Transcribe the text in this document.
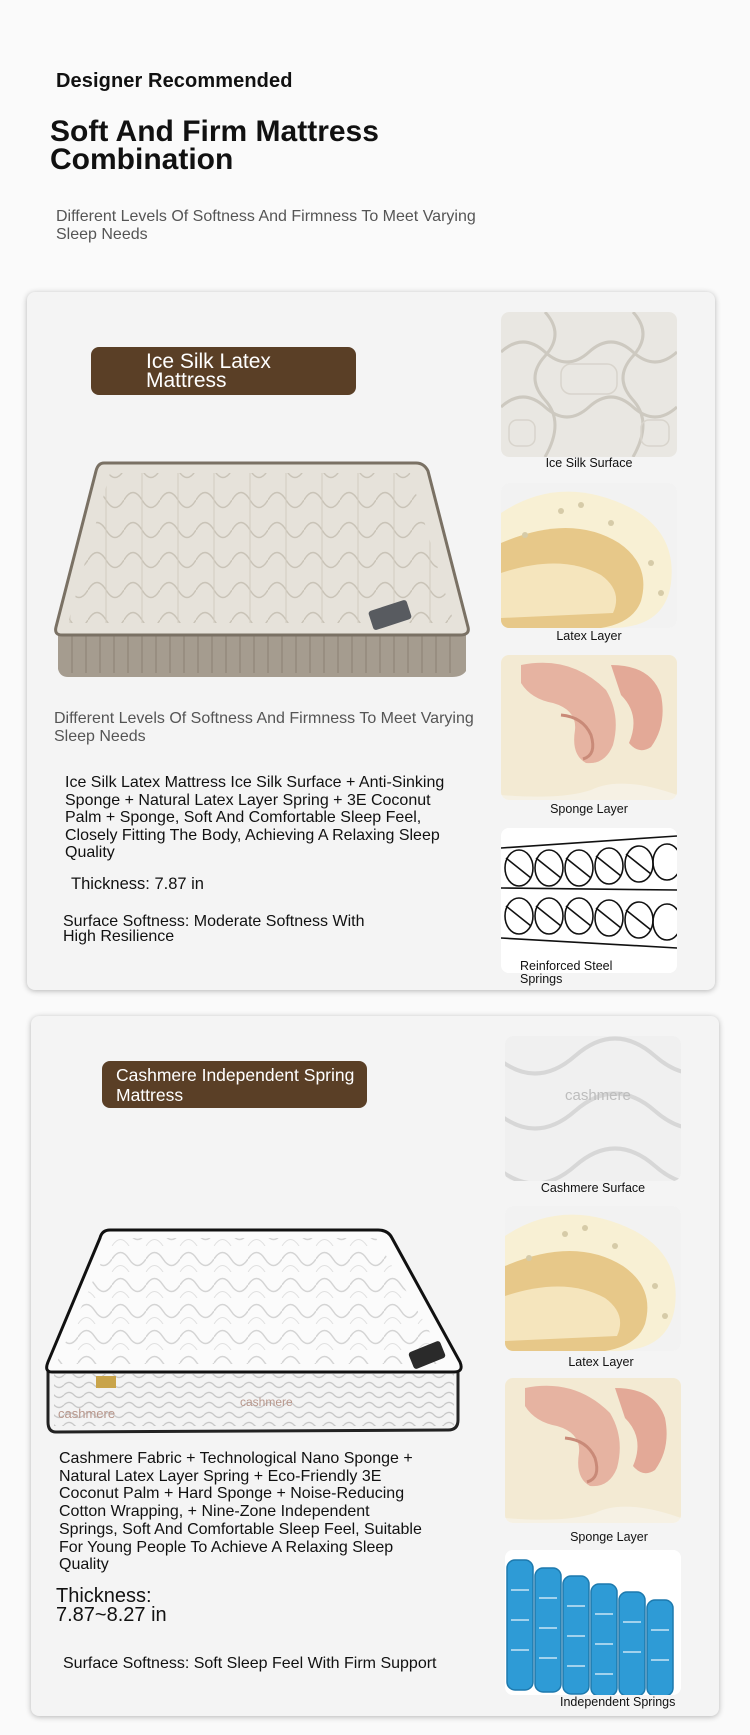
Designer Recommended
Soft And Firm Mattress Combination
Different Levels Of Softness And Firmness To Meet Varying Sleep Needs
Ice Silk Latex Mattress
Different Levels Of Softness And Firmness To Meet Varying Sleep Needs
Ice Silk Latex Mattress Ice Silk Surface + Anti-Sinking Sponge + Natural Latex Layer Spring + 3E Coconut Palm + Sponge, Soft And Comfortable Sleep Feel, Closely Fitting The Body, Achieving A Relaxing Sleep Quality
Thickness: 7.87 in
Surface Softness: Moderate Softness With High Resilience
Ice Silk Surface
Latex Layer
Sponge Layer
Reinforced Steel Springs
Cashmere Independent Spring Mattress
cashmere
cashmere
Cashmere Fabric + Technological Nano Sponge + Natural Latex Layer Spring + Eco-Friendly 3E Coconut Palm + Hard Sponge + Noise-Reducing Cotton Wrapping, + Nine-Zone Independent Springs, Soft And Comfortable Sleep Feel, Suitable For Young People To Achieve A Relaxing Sleep Quality
Thickness: 7.87~8.27 in
Surface Softness: Soft Sleep Feel With Firm Support
cashmere
Cashmere Surface
Latex Layer
Sponge Layer
Independent Springs
